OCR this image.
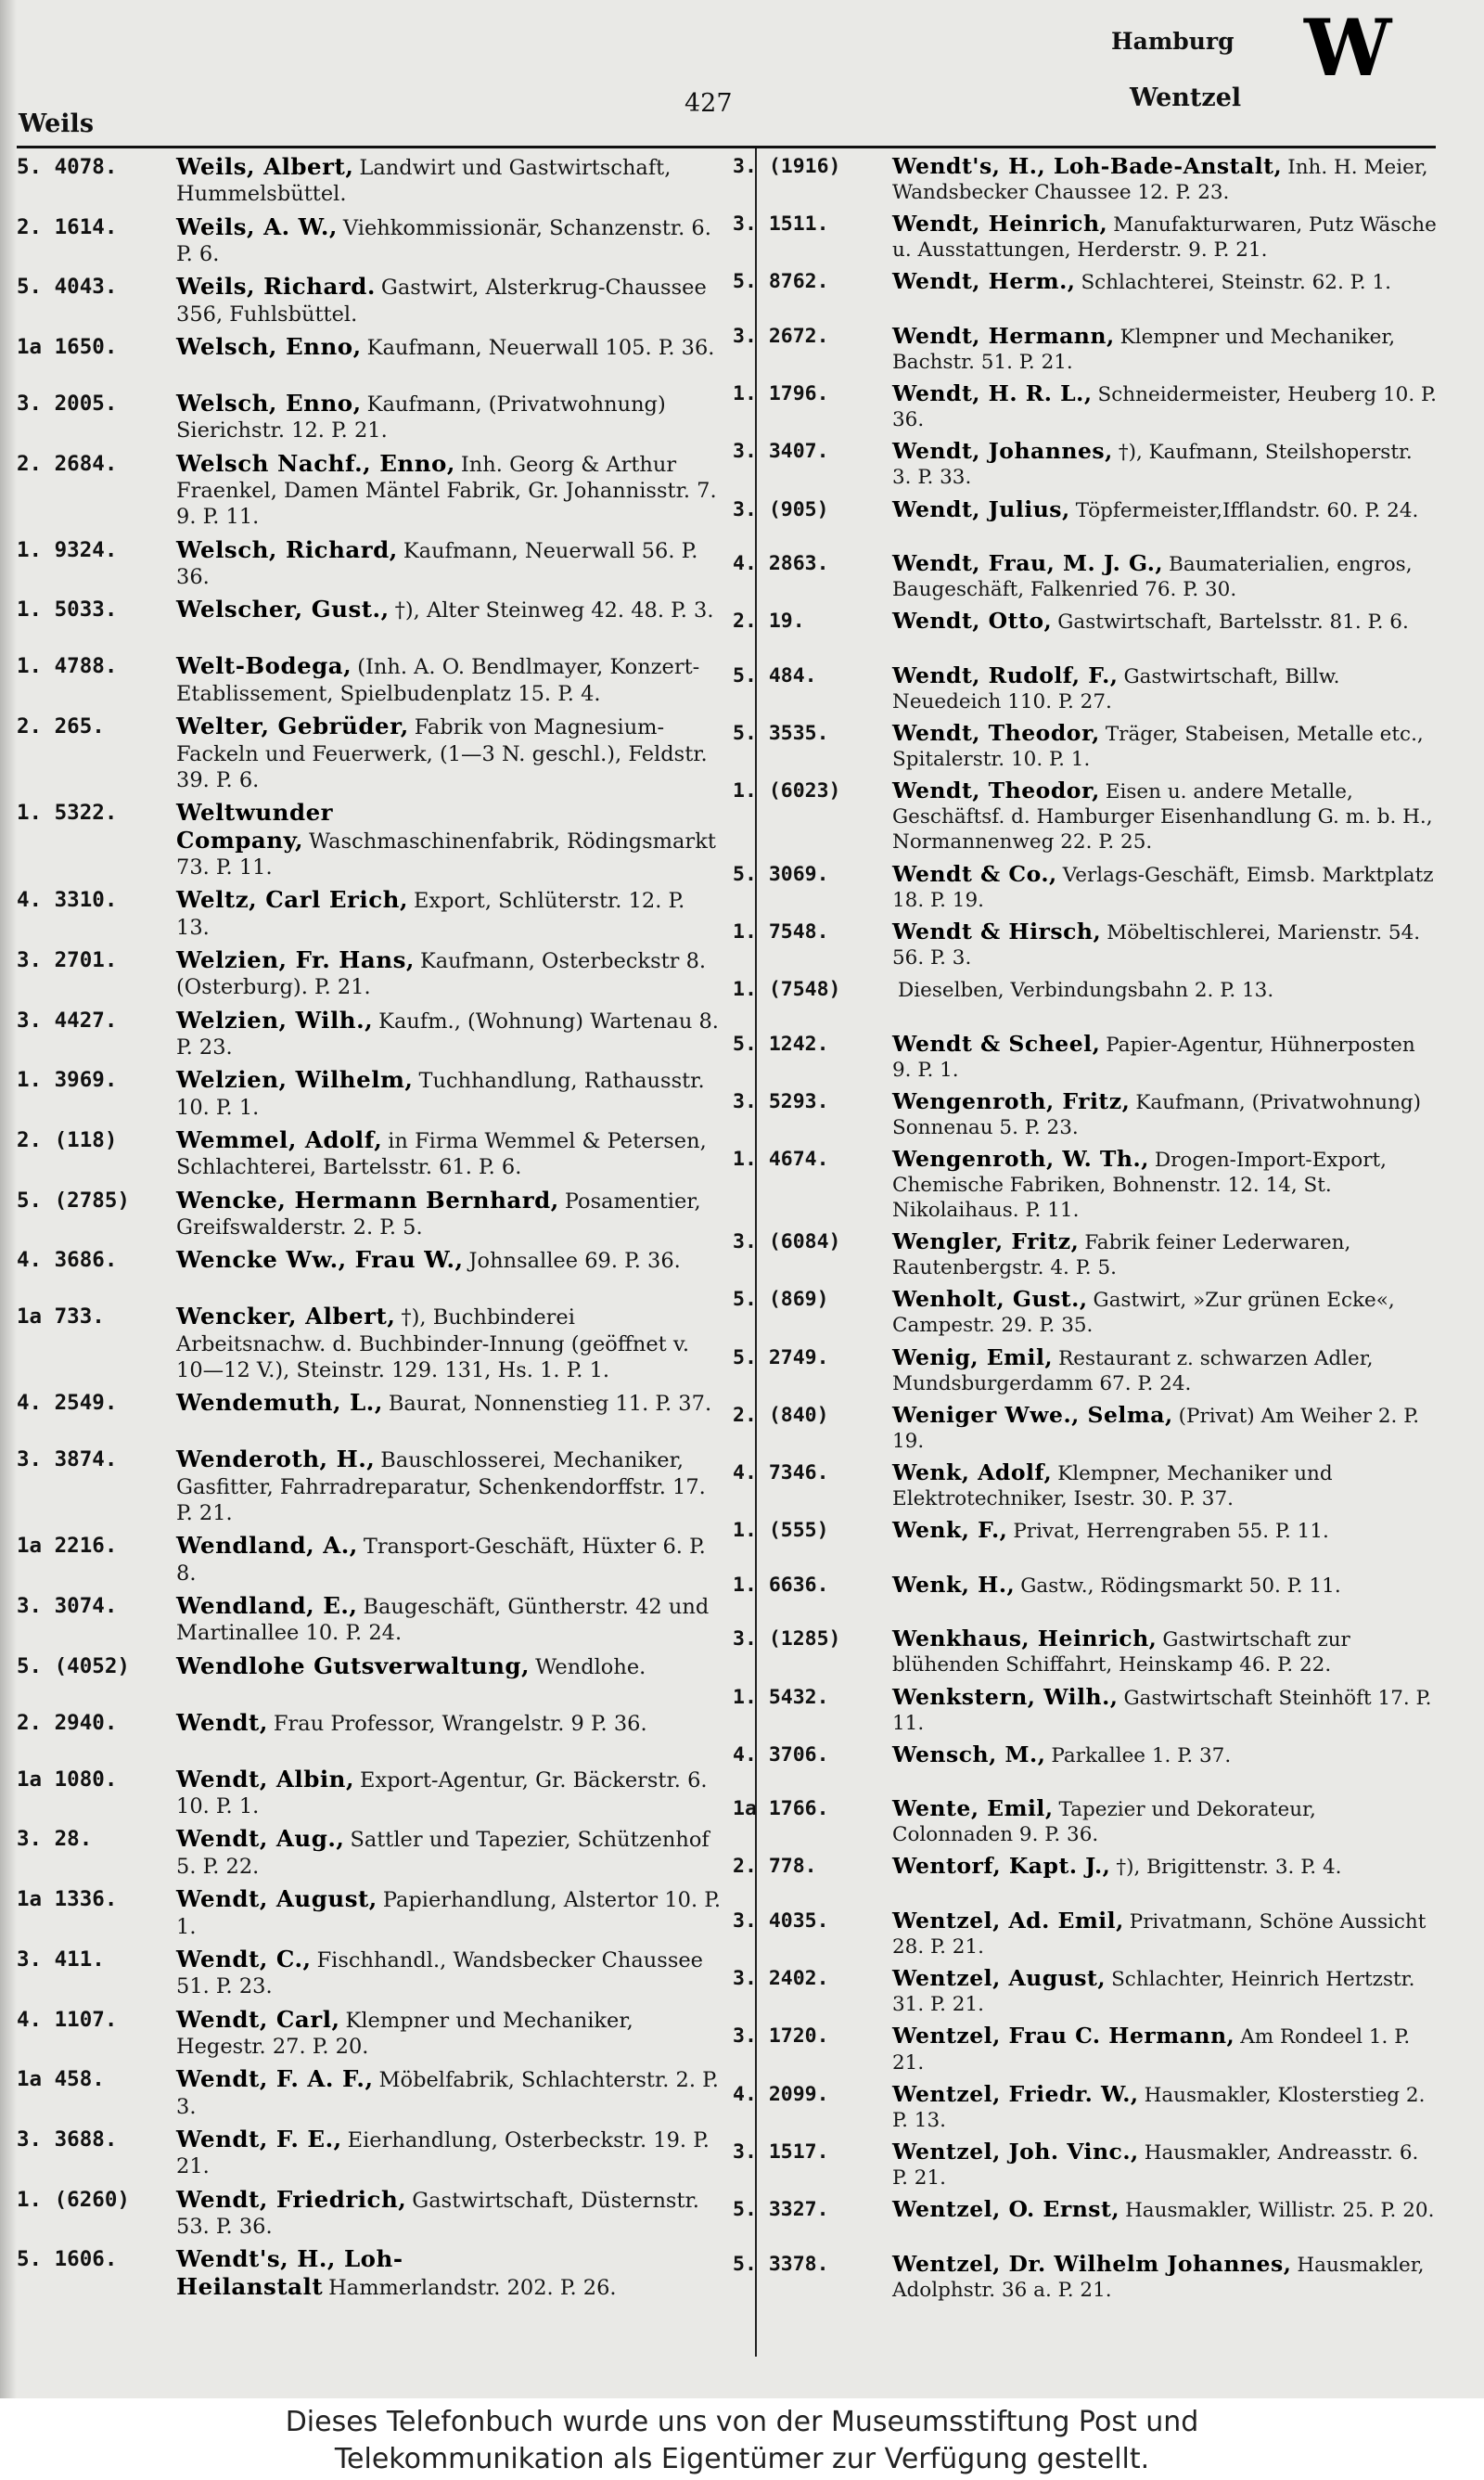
Weils
427
Hamburg
Wentzel
W
5. 4078.	Weils, Albert, Landwirt und Gastwirtschaft, Hummelsbüttel.
2. 1614.	Weils, A. W., Viehkommissionär, Schanzenstr. 6. P. 6.
5. 4043.	Weils, Richard. Gastwirt, Alsterkrug-Chaussee 356, Fuhlsbüttel.
1a 1650.	Welsch, Enno, Kaufmann, Neuerwall 105. P. 36.
3. 2005.	Welsch, Enno, Kaufmann, (Privatwohnung) Sierichstr. 12. P. 21.
2. 2684.	Welsch Nachf., Enno, Inh. Georg & Arthur Fraenkel, Damen Mäntel Fabrik, Gr. Johannisstr. 7. 9. P. 11.
1. 9324.	Welsch, Richard, Kaufmann, Neuerwall 56. P. 36.
1. 5033.	Welscher, Gust., †), Alter Steinweg 42. 48. P. 3.
1. 4788.	Welt-Bodega, (Inh. A. O. Bendlmayer, Konzert-Etablissement, Spielbudenplatz 15. P. 4.
2. 265.	Welter, Gebrüder, Fabrik von Magnesium-Fackeln und Feuerwerk, (1—3 N. geschl.), Feldstr. 39. P. 6.
1. 5322.	Weltwunder Company, Waschmaschinenfabrik, Rödingsmarkt 73. P. 11.
4. 3310.	Weltz, Carl Erich, Export, Schlüterstr. 12. P. 13.
3. 2701.	Welzien, Fr. Hans, Kaufmann, Osterbeckstr 8. (Osterburg). P. 21.
3. 4427.	Welzien, Wilh., Kaufm., (Wohnung) Wartenau 8. P. 23.
1. 3969.	Welzien, Wilhelm, Tuchhandlung, Rathausstr. 10. P. 1.
2. (118)	Wemmel, Adolf, in Firma Wemmel & Petersen, Schlachterei, Bartelsstr. 61. P. 6.
5. (2785)	Wencke, Hermann Bernhard, Posamentier, Greifswalderstr. 2. P. 5.
4. 3686.	Wencke Ww., Frau W., Johnsallee 69. P. 36.
1a 733.	Wencker, Albert, †), Buchbinderei Arbeitsnachw. d. Buchbinder-Innung (geöffnet v. 10—12 V.), Steinstr. 129. 131, Hs. 1. P. 1.
4. 2549.	Wendemuth, L., Baurat, Nonnenstieg 11. P. 37.
3. 3874.	Wenderoth, H., Bauschlosserei, Mechaniker, Gasfitter, Fahrradreparatur, Schenkendorffstr. 17. P. 21.
1a 2216.	Wendland, A., Transport-Geschäft, Hüxter 6. P. 8.
3. 3074.	Wendland, E., Baugeschäft, Güntherstr. 42 und Martinallee 10. P. 24.
5. (4052)	Wendlohe Gutsverwaltung, Wendlohe.
2. 2940.	Wendt, Frau Professor, Wrangelstr. 9 P. 36.
1a 1080.	Wendt, Albin, Export-Agentur, Gr. Bäckerstr. 6. 10. P. 1.
3. 28.	Wendt, Aug., Sattler und Tapezier, Schützenhof 5. P. 22.
1a 1336.	Wendt, August, Papierhandlung, Alstertor 10. P. 1.
3. 411.	Wendt, C., Fischhandl., Wandsbecker Chaussee 51. P. 23.
4. 1107.	Wendt, Carl, Klempner und Mechaniker, Hegestr. 27. P. 20.
1a 458.	Wendt, F. A. F., Möbelfabrik, Schlachterstr. 2. P. 3.
3. 3688.	Wendt, F. E., Eierhandlung, Osterbeckstr. 19. P. 21.
1. (6260)	Wendt, Friedrich, Gastwirtschaft, Düsternstr. 53. P. 36.
5. 1606.	Wendt's, H., Loh-Heilanstalt Hammerlandstr. 202. P. 26.
3. (1916)	Wendt's, H., Loh-Bade-Anstalt, Inh. H. Meier, Wandsbecker Chaussee 12. P. 23.
3. 1511.	Wendt, Heinrich, Manufakturwaren, Putz Wäsche u. Ausstattungen, Herderstr. 9. P. 21.
5. 8762.	Wendt, Herm., Schlachterei, Steinstr. 62. P. 1.
3. 2672.	Wendt, Hermann, Klempner und Mechaniker, Bachstr. 51. P. 21.
1. 1796.	Wendt, H. R. L., Schneidermeister, Heuberg 10. P. 36.
3. 3407.	Wendt, Johannes, †), Kaufmann, Steilshoperstr. 3. P. 33.
3. (905)	Wendt, Julius, Töpfermeister,Ifflandstr. 60. P. 24.
4. 2863.	Wendt, Frau, M. J. G., Baumaterialien, engros, Baugeschäft, Falkenried 76. P. 30.
2. 19.	Wendt, Otto, Gastwirtschaft, Bartelsstr. 81. P. 6.
5. 484.	Wendt, Rudolf, F., Gastwirtschaft, Billw. Neuedeich 110. P. 27.
5. 3535.	Wendt, Theodor, Träger, Stabeisen, Metalle etc., Spitalerstr. 10. P. 1.
1. (6023)	Wendt, Theodor, Eisen u. andere Metalle, Geschäftsf. d. Hamburger Eisenhandlung G. m. b. H., Normannenweg 22. P. 25.
5. 3069.	Wendt & Co., Verlags-Geschäft, Eimsb. Marktplatz 18. P. 19.
1. 7548.	Wendt & Hirsch, Möbeltischlerei, Marienstr. 54. 56. P. 3.
1. (7548)	Dieselben, Verbindungsbahn 2. P. 13.
5. 1242.	Wendt & Scheel, Papier-Agentur, Hühnerposten 9. P. 1.
3. 5293.	Wengenroth, Fritz, Kaufmann, (Privatwohnung) Sonnenau 5. P. 23.
1. 4674.	Wengenroth, W. Th., Drogen-Import-Export, Chemische Fabriken, Bohnenstr. 12. 14, St. Nikolaihaus. P. 11.
3. (6084)	Wengler, Fritz, Fabrik feiner Lederwaren, Rautenbergstr. 4. P. 5.
5. (869)	Wenholt, Gust., Gastwirt, »Zur grünen Ecke«, Campestr. 29. P. 35.
5. 2749.	Wenig, Emil, Restaurant z. schwarzen Adler, Mundsburgerdamm 67. P. 24.
2. (840)	Weniger Wwe., Selma, (Privat) Am Weiher 2. P. 19.
4. 7346.	Wenk, Adolf, Klempner, Mechaniker und Elektrotechniker, Isestr. 30. P. 37.
1. (555)	Wenk, F., Privat, Herrengraben 55. P. 11.
1. 6636.	Wenk, H., Gastw., Rödingsmarkt 50. P. 11.
3. (1285)	Wenkhaus, Heinrich, Gastwirtschaft zur blühenden Schiffahrt, Heinskamp 46. P. 22.
1. 5432.	Wenkstern, Wilh., Gastwirtschaft Steinhöft 17. P. 11.
4. 3706.	Wensch, M., Parkallee 1. P. 37.
1a 1766.	Wente, Emil, Tapezier und Dekorateur, Colonnaden 9. P. 36.
2. 778.	Wentorf, Kapt. J., †), Brigittenstr. 3. P. 4.
3. 4035.	Wentzel, Ad. Emil, Privatmann, Schöne Aussicht 28. P. 21.
3. 2402.	Wentzel, August, Schlachter, Heinrich Hertzstr. 31. P. 21.
3. 1720.	Wentzel, Frau C. Hermann, Am Rondeel 1. P. 21.
4. 2099.	Wentzel, Friedr. W., Hausmakler, Klosterstieg 2. P. 13.
3. 1517.	Wentzel, Joh. Vinc., Hausmakler, Andreasstr. 6. P. 21.
5. 3327.	Wentzel, O. Ernst, Hausmakler, Willistr. 25. P. 20.
5. 3378.	Wentzel, Dr. Wilhelm Johannes, Hausmakler, Adolphstr. 36 a. P. 21.
Dieses Telefonbuch wurde uns von der Museumsstiftung Post und
Telekommunikation als Eigentümer zur Verfügung gestellt.
